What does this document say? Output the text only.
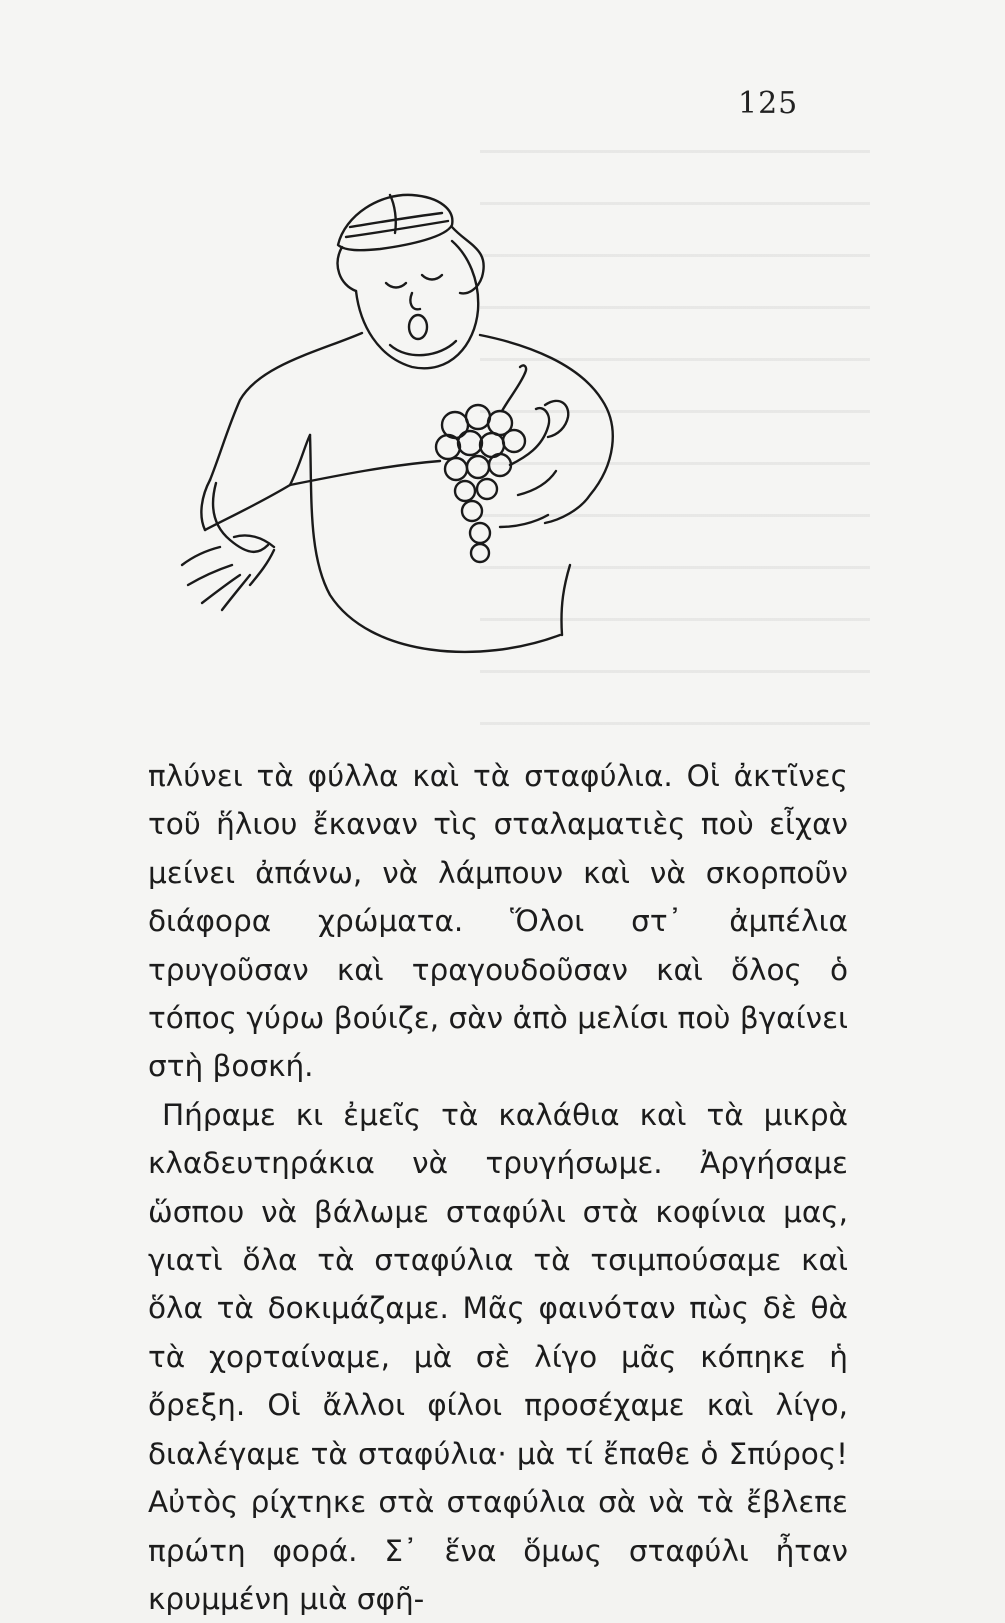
125

πλύνει τὰ φύλλα καὶ τὰ σταφύλια. Οἱ ἀκτῖνες τοῦ ἥλιου ἔκαναν τὶς σταλαματιὲς ποὺ εἶχαν μείνει ἀπάνω, νὰ λάμπουν καὶ νὰ σκορποῦν διάφορα χρώματα. Ὅλοι στ᾿ ἀμπέλια τρυγοῦσαν καὶ τραγουδοῦσαν καὶ ὅλος ὁ τόπος γύρω βούιζε, σὰν ἀπὸ μελίσι ποὺ βγαίνει στὴ βοσκή.

Πήραμε κι ἐμεῖς τὰ καλάθια καὶ τὰ μικρὰ κλαδευτηράκια νὰ τρυγήσωμε. Ἀργήσαμε ὥσπου νὰ βάλωμε σταφύλι στὰ κοφίνια μας, γιατὶ ὅλα τὰ σταφύλια τὰ τσιμπούσαμε καὶ ὅλα τὰ δοκιμάζαμε. Μᾶς φαινόταν πὼς δὲ θὰ τὰ χορταίναμε, μὰ σὲ λίγο μᾶς κόπηκε ἡ ὄρεξη. Οἱ ἄλλοι φίλοι προσέχαμε καὶ λίγο, διαλέγαμε τὰ σταφύλια· μὰ τί ἔπαθε ὁ Σπύρος! Αὐτὸς ρίχτηκε στὰ σταφύλια σὰ νὰ τὰ ἔβλεπε πρώτη φορά. Σ᾿ ἕνα ὅμως σταφύλι ἦταν κρυμμένη μιὰ σφῆ-
